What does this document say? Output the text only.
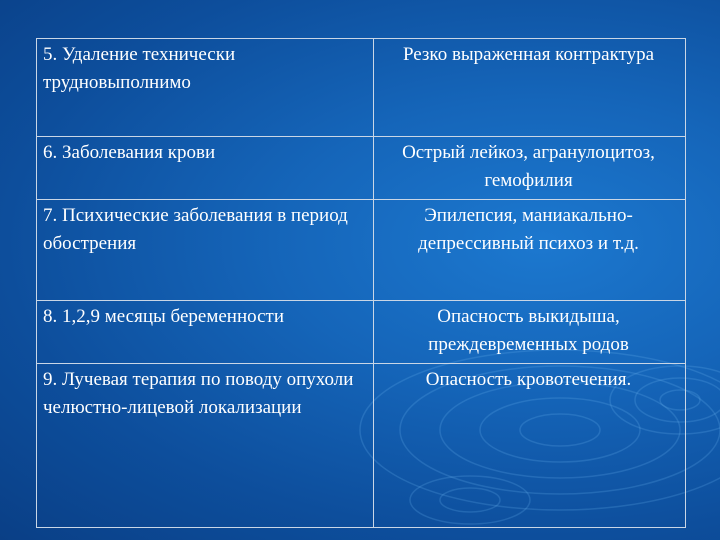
5. Удаление технически трудновыполнимо	Резко выраженная контрактура

6. Заболевания крови	Острый лейкоз, агранулоцитоз, гемофилия

7. Психические заболевания в период обострения	Эпилепсия, маниакально-депрессивный психоз и т.д.

8. 1,2,9 месяцы беременности	Опасность выкидыша, преждевременных родов

9. Лучевая терапия по поводу опухоли челюстно-лицевой локализации	Опасность кровотечения.
